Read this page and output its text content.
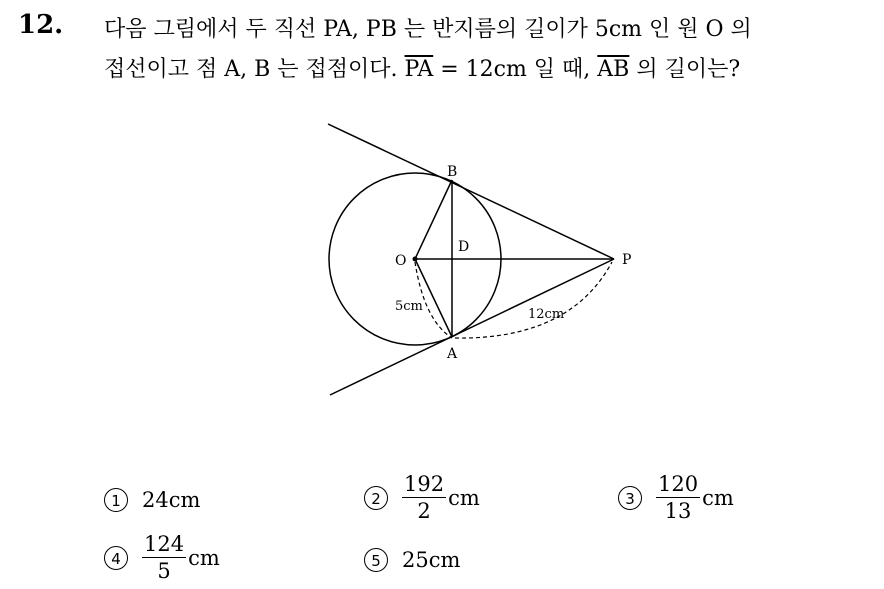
12. 다음 그림에서 두 직선 PA, PB 는 반지름의 길이가 5cm 인 원 O 의
접선이고 점 A, B 는 접점이다. $\overline{PA} = 12cm$ 일 때, $\overline{AB}$ 의 길이는?
B
O
D
P
A
5cm
12cm
1	24cm	2	$\frac{192}{2}$ cm	3	$\frac{120}{13}$ cm
4	$\frac{124}{5}$ cm	5	25cm
